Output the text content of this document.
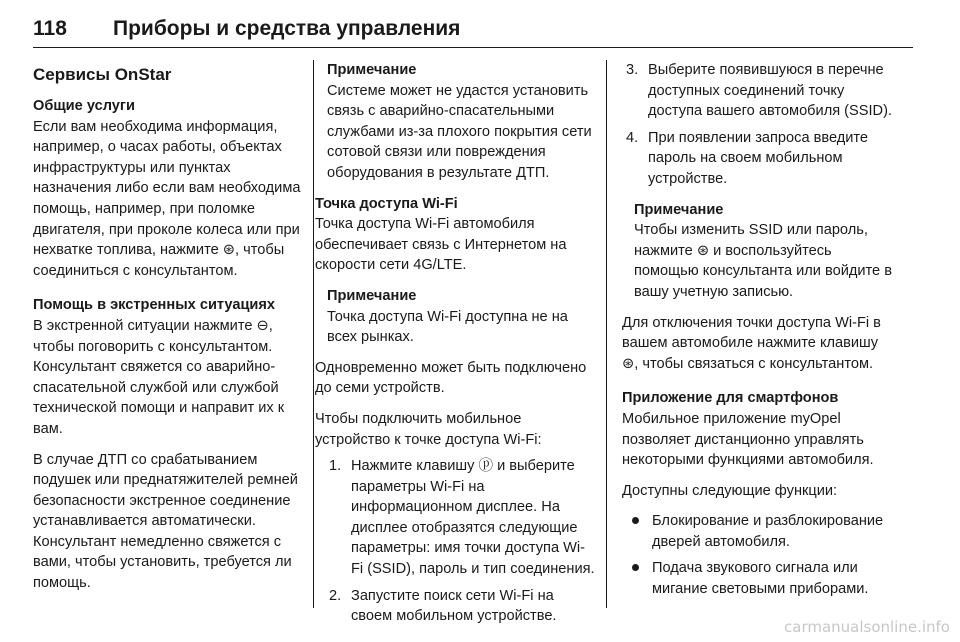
118	Приборы и средства управления
Сервисы OnStar

Общие услуги

Если вам необходима информация, например, о часах работы, объектах инфраструктуры или пунктах назначения либо если вам необходима помощь, например, при поломке двигателя, при проколе колеса или при нехватке топлива, нажмите ⊛, чтобы соединиться с консультантом.

Помощь в экстренных ситуациях

В экстренной ситуации нажмите ⊖, чтобы поговорить с консультантом. Консультант свяжется со аварийно-спасательной службой или службой технической помощи и направит их к вам.

В случае ДТП со срабатыванием подушек или преднатяжителей ремней безопасности экстренное соединение устанавливается автоматически. Консультант немедленно свяжется с вами, чтобы установить, требуется ли помощь.

Примечание

Системе может не удастся установить связь с аварийно-спасательными службами из-за плохого покрытия сети сотовой связи или повреждения оборудования в результате ДТП.

Точка доступа Wi-Fi

Точка доступа Wi-Fi автомобиля обеспечивает связь с Интернетом на скорости сети 4G/LTE.

Примечание

Точка доступа Wi-Fi доступна не на всех рынках.

Одновременно может быть подключено до семи устройств.

Чтобы подключить мобильное устройство к точке доступа Wi-Fi:

1. Нажмите клавишу ⓟ и выберите параметры Wi-Fi на информационном дисплее. На дисплее отобразятся следующие параметры: имя точки доступа Wi-Fi (SSID), пароль и тип соединения.
2. Запустите поиск сети Wi-Fi на своем мобильном устройстве.
3. Выберите появившуюся в перечне доступных соединений точку доступа вашего автомобиля (SSID).
4. При появлении запроса введите пароль на своем мобильном устройстве.

Примечание

Чтобы изменить SSID или пароль, нажмите ⊛ и воспользуйтесь помощью консультанта или войдите в вашу учетную записью.

Для отключения точки доступа Wi-Fi в вашем автомобиле нажмите клавишу ⊛, чтобы связаться с консультантом.

Приложение для смартфонов

Мобильное приложение myOpel позволяет дистанционно управлять некоторыми функциями автомобиля.

Доступны следующие функции:

Блокирование и разблокирование дверей автомобиля.
Подача звукового сигнала или мигание световыми приборами.
carmanualsonline.info
